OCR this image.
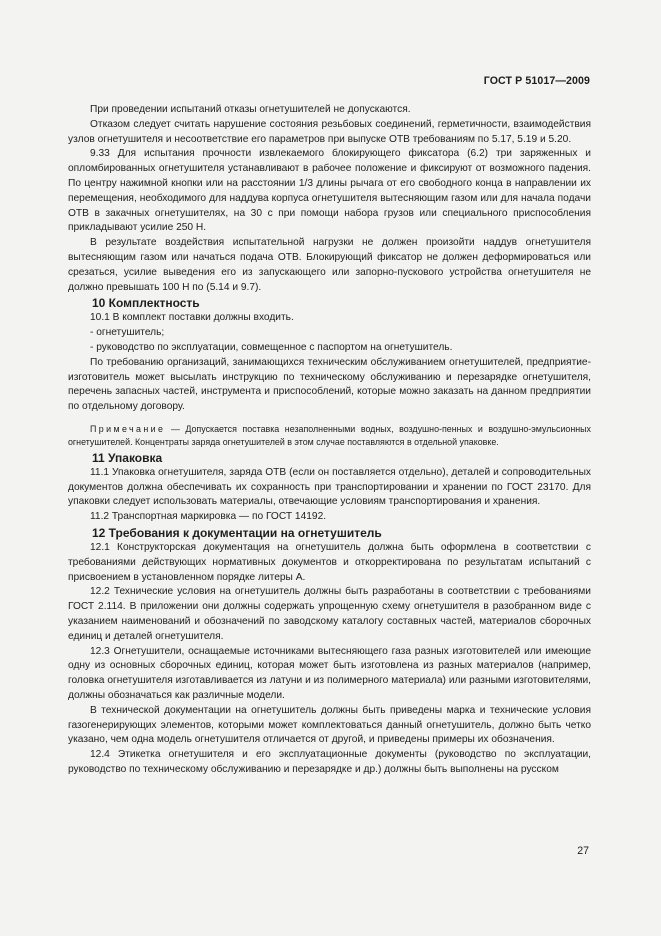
ГОСТ Р 51017—2009

При проведении испытаний отказы огнетушителей не допускаются.

Отказом следует считать нарушение состояния резьбовых соединений, герметичности, взаимодействия узлов огнетушителя и несоответствие его параметров при выпуске ОТВ требованиям по 5.17, 5.19 и 5.20.

9.33 Для испытания прочности извлекаемого блокирующего фиксатора (6.2) три заряженных и опломбированных огнетушителя устанавливают в рабочее положение и фиксируют от возможного падения. По центру нажимной кнопки или на расстоянии 1/3 длины рычага от его свободного конца в направлении их перемещения, необходимого для наддува корпуса огнетушителя вытесняющим газом или для начала подачи ОТВ в закачных огнетушителях, на 30 с при помощи набора грузов или специального приспособления прикладывают усилие 250 Н.

В результате воздействия испытательной нагрузки не должен произойти наддув огнетушителя вытесняющим газом или начаться подача ОТВ. Блокирующий фиксатор не должен деформироваться или срезаться, усилие выведения его из запускающего или запорно-пускового устройства огнетушителя не должно превышать 100 Н по (5.14 и 9.7).

10 Комплектность

10.1 В комплект поставки должны входить.

- огнетушитель;

- руководство по эксплуатации, совмещенное с паспортом на огнетушитель.

По требованию организаций, занимающихся техническим обслуживанием огнетушителей, предприятие-изготовитель может высылать инструкцию по техническому обслуживанию и перезарядке огнетушителя, перечень запасных частей, инструмента и приспособлений, которые можно заказать на данном предприятии по отдельному договору.

Примечание — Допускается поставка незаполненными водных, воздушно-пенных и воздушно-эмульсионных огнетушителей. Концентраты заряда огнетушителей в этом случае поставляются в отдельной упаковке.

11 Упаковка

11.1 Упаковка огнетушителя, заряда ОТВ (если он поставляется отдельно), деталей и сопроводительных документов должна обеспечивать их сохранность при транспортировании и хранении по ГОСТ 23170. Для упаковки следует использовать материалы, отвечающие условиям транспортирования и хранения.

11.2 Транспортная маркировка — по ГОСТ 14192.

12 Требования к документации на огнетушитель

12.1 Конструкторская документация на огнетушитель должна быть оформлена в соответствии с требованиями действующих нормативных документов и откорректирована по результатам испытаний с присвоением в установленном порядке литеры А.

12.2 Технические условия на огнетушитель должны быть разработаны в соответствии с требованиями ГОСТ 2.114. В приложении они должны содержать упрощенную схему огнетушителя в разобранном виде с указанием наименований и обозначений по заводскому каталогу составных частей, материалов сборочных единиц и деталей огнетушителя.

12.3 Огнетушители, оснащаемые источниками вытесняющего газа разных изготовителей или имеющие одну из основных сборочных единиц, которая может быть изготовлена из разных материалов (например, головка огнетушителя изготавливается из латуни и из полимерного материала) или разными изготовителями, должны обозначаться как различные модели.

В технической документации на огнетушитель должны быть приведены марка и технические условия газогенерирующих элементов, которыми может комплектоваться данный огнетушитель, должно быть четко указано, чем одна модель огнетушителя отличается от другой, и приведены примеры их обозначения.

12.4 Этикетка огнетушителя и его эксплуатационные документы (руководство по эксплуатации, руководство по техническому обслуживанию и перезарядке и др.) должны быть выполнены на русском

27
